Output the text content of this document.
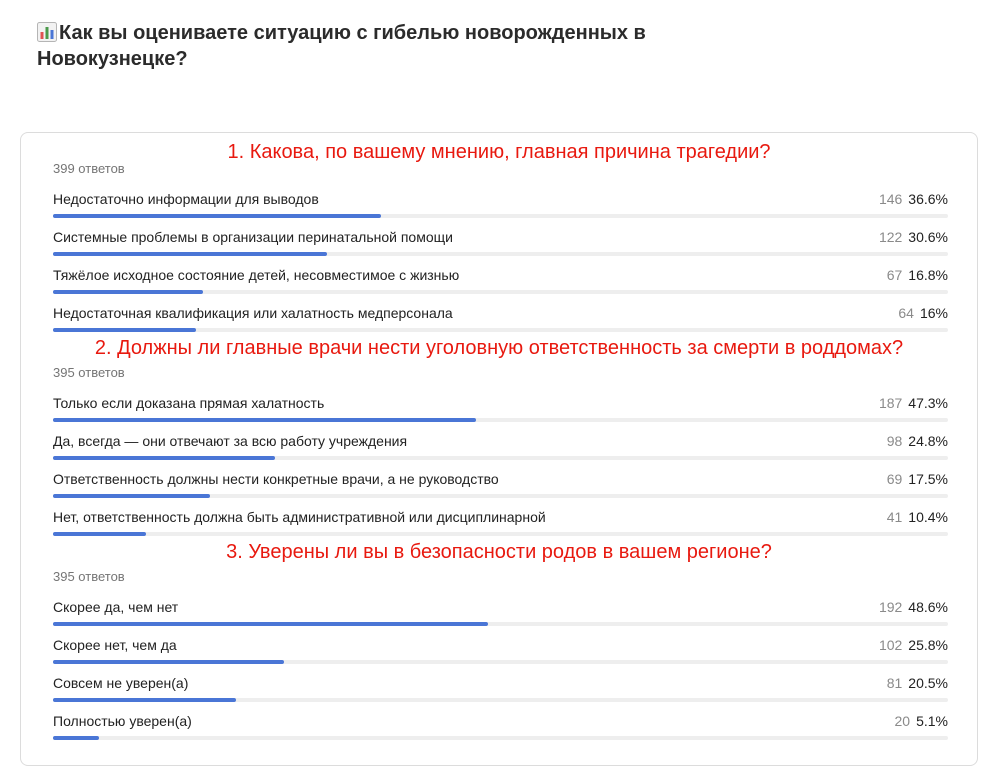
Как вы оцениваете ситуацию с гибелью новорожденных в Новокузнецке?
1. Какова, по вашему мнению, главная причина трагедии?
399 ответов
Недостаточно информации для выводов	146 36.6%
Системные проблемы в организации перинатальной помощи	122 30.6%
Тяжёлое исходное состояние детей, несовместимое с жизнью	67 16.8%
Недостаточная квалификация или халатность медперсонала	64 16%
2. Должны ли главные врачи нести уголовную ответственность за смерти в роддомах?
395 ответов
Только если доказана прямая халатность	187 47.3%
Да, всегда — они отвечают за всю работу учреждения	98 24.8%
Ответственность должны нести конкретные врачи, а не руководство	69 17.5%
Нет, ответственность должна быть административной или дисциплинарной	41 10.4%
3. Уверены ли вы в безопасности родов в вашем регионе?
395 ответов
Скорее да, чем нет	192 48.6%
Скорее нет, чем да	102 25.8%
Совсем не уверен(а)	81 20.5%
Полностью уверен(а)	20 5.1%
